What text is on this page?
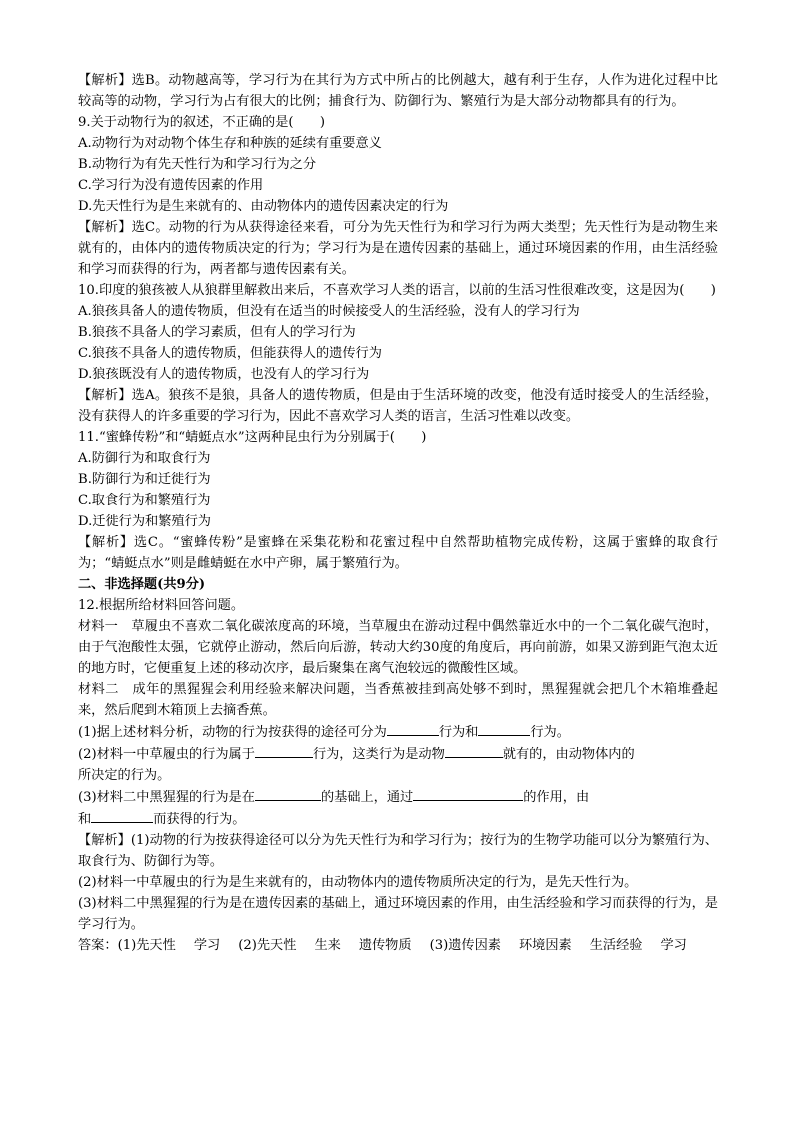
【解析】选B。动物越高等，学习行为在其行为方式中所占的比例越大，越有利于生存，人作为进化过程中比较高等的动物，学习行为占有很大的比例；捕食行为、防御行为、繁殖行为是大部分动物都具有的行为。
9.关于动物行为的叙述，不正确的是(　　)
A.动物行为对动物个体生存和种族的延续有重要意义
B.动物行为有先天性行为和学习行为之分
C.学习行为没有遗传因素的作用
D.先天性行为是生来就有的、由动物体内的遗传因素决定的行为
【解析】选C。动物的行为从获得途径来看，可分为先天性行为和学习行为两大类型；先天性行为是动物生来就有的，由体内的遗传物质决定的行为；学习行为是在遗传因素的基础上，通过环境因素的作用，由生活经验和学习而获得的行为，两者都与遗传因素有关。
10.印度的狼孩被人从狼群里解救出来后，不喜欢学习人类的语言，以前的生活习性很难改变，这是因为(　　)
A.狼孩具备人的遗传物质，但没有在适当的时候接受人的生活经验，没有人的学习行为
B.狼孩不具备人的学习素质，但有人的学习行为
C.狼孩不具备人的遗传物质，但能获得人的遗传行为
D.狼孩既没有人的遗传物质，也没有人的学习行为
【解析】选A。狼孩不是狼，具备人的遗传物质，但是由于生活环境的改变，他没有适时接受人的生活经验，没有获得人的许多重要的学习行为，因此不喜欢学习人类的语言，生活习性难以改变。
11.“蜜蜂传粉”和“蜻蜓点水”这两种昆虫行为分别属于(　　)
A.防御行为和取食行为
B.防御行为和迁徙行为
C.取食行为和繁殖行为
D.迁徙行为和繁殖行为
【解析】选C。“蜜蜂传粉”是蜜蜂在采集花粉和花蜜过程中自然帮助植物完成传粉，这属于蜜蜂的取食行为；“蜻蜓点水”则是雌蜻蜓在水中产卵，属于繁殖行为。
二、非选择题(共9分)
12.根据所给材料回答问题。
材料一　草履虫不喜欢二氧化碳浓度高的环境，当草履虫在游动过程中偶然靠近水中的一个二氧化碳气泡时，由于气泡酸性太强，它就停止游动，然后向后游，转动大约30度的角度后，再向前游，如果又游到距气泡太近的地方时，它便重复上述的移动次序，最后聚集在离气泡较远的微酸性区域。
材料二　成年的黑猩猩会利用经验来解决问题，当香蕉被挂到高处够不到时，黑猩猩就会把几个木箱堆叠起来，然后爬到木箱顶上去摘香蕉。
(1)据上述材料分析，动物的行为按获得的途径可分为	行为和	行为。
(2)材料一中草履虫的行为属于	行为，这类行为是动物	就有的，由动物体内的
所决定的行为。
(3)材料二中黑猩猩的行为是在	的基础上，通过	的作用，由
和	而获得的行为。
【解析】(1)动物的行为按获得途径可以分为先天性行为和学习行为；按行为的生物学功能可以分为繁殖行为、取食行为、防御行为等。
(2)材料一中草履虫的行为是生来就有的，由动物体内的遗传物质所决定的行为，是先天性行为。
(3)材料二中黑猩猩的行为是在遗传因素的基础上，通过环境因素的作用，由生活经验和学习而获得的行为，是学习行为。
答案：(1)先天性 学习 (2)先天性 生来 遗传物质 (3)遗传因素 环境因素 生活经验 学习
